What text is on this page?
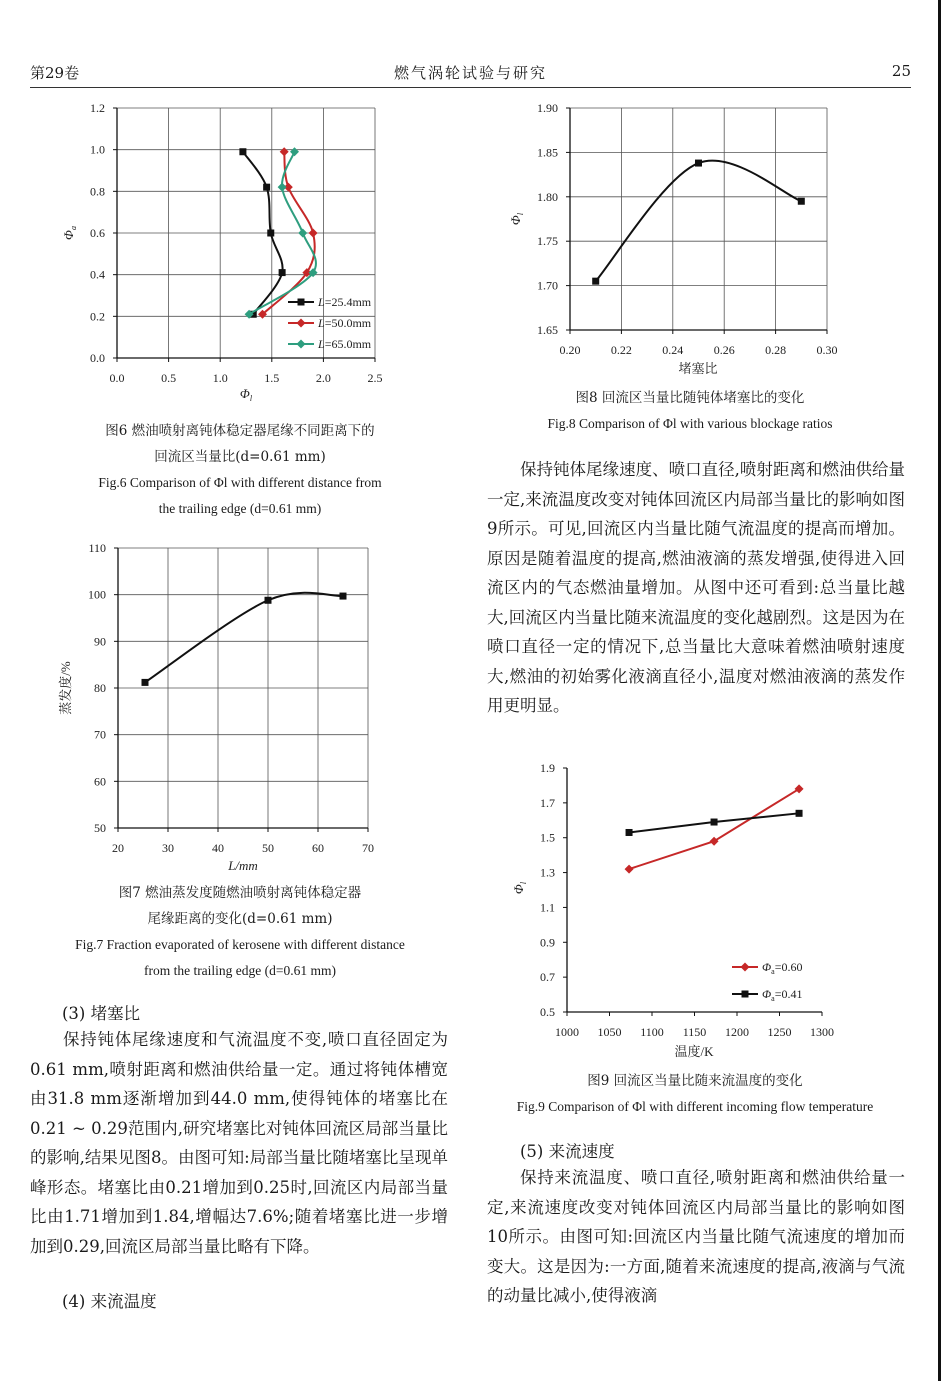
第29卷	燃气涡轮试验与研究	25
0.0
0.2
0.4
0.6
0.8
1.0
1.2
0.0	0.5	1.0	1.5	2.0	2.5
$\Phi_a$
$\Phi_l$
L=25.4mm
L=50.0mm
L=65.0mm
图6 燃油喷射离钝体稳定器尾缘不同距离下的
回流区当量比(d=0.61 mm)
Fig.6 Comparison of Φl with different distance from
the trailing edge (d=0.61 mm)
50
60
70
80
90
100
110
20	30	40	50	60	70
蒸发度/%
L/mm
图7 燃油蒸发度随燃油喷射离钝体稳定器
尾缘距离的变化(d=0.61 mm)
Fig.7 Fraction evaporated of kerosene with different distance
from the trailing edge (d=0.61 mm)
(3) 堵塞比

保持钝体尾缘速度和气流温度不变,喷口直径固定为0.61 mm,喷射距离和燃油供给量一定。通过将钝体槽宽由31.8 mm逐渐增加到44.0 mm,使得钝体的堵塞比在0.21 ~ 0.29范围内,研究堵塞比对钝体回流区局部当量比的影响,结果见图8。由图可知:局部当量比随堵塞比呈现单峰形态。堵塞比由0.21增加到0.25时,回流区内局部当量比由1.71增加到1.84,增幅达7.6%;随着堵塞比进一步增加到0.29,回流区局部当量比略有下降。

(4) 来流温度
1.65
1.70
1.75
1.80
1.85
1.90
0.20	0.22	0.24	0.26	0.28	0.30
$\Phi_l$
堵塞比
图8 回流区当量比随钝体堵塞比的变化
Fig.8 Comparison of Φl with various blockage ratios

保持钝体尾缘速度、喷口直径,喷射距离和燃油供给量一定,来流温度改变对钝体回流区内局部当量比的影响如图9所示。可见,回流区内当量比随气流温度的提高而增加。原因是随着温度的提高,燃油液滴的蒸发增强,使得进入回流区内的气态燃油量增加。从图中还可看到:总当量比越大,回流区内当量比随来流温度的变化越剧烈。这是因为在喷口直径一定的情况下,总当量比大意味着燃油喷射速度大,燃油的初始雾化液滴直径小,温度对燃油液滴的蒸发作用更明显。

0.5
0.7
0.9
1.1
1.3
1.5
1.7
1.9
1000 1050 1100 1150 1200 1250 1300
$\Phi_l$
温度/K
$\Phi_a=0.60$
$\Phi_a=0.41$
图9 回流区当量比随来流温度的变化
Fig.9 Comparison of Φl with different incoming flow temperature
(5) 来流速度

保持来流温度、喷口直径,喷射距离和燃油供给量一定,来流速度改变对钝体回流区内局部当量比的影响如图10所示。由图可知:回流区内当量比随气流速度的增加而变大。这是因为:一方面,随着来流速度的提高,液滴与气流的动量比减小,使得液滴
